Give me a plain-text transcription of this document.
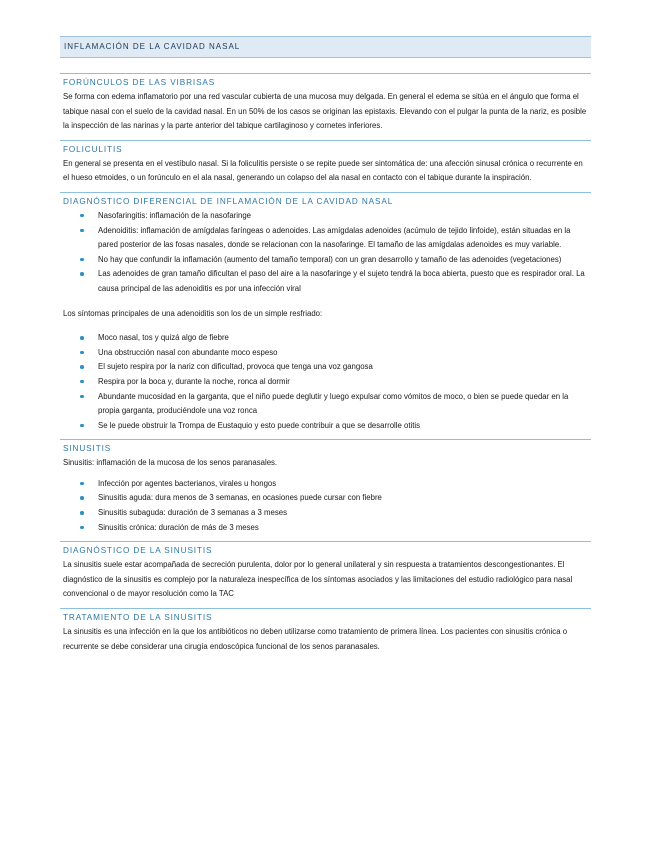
INFLAMACIÓN DE LA CAVIDAD NASAL
FORÚNCULOS DE LAS VIBRISAS

Se forma con edema inflamatorio por una red vascular cubierta de una mucosa muy delgada. En general el edema se sitúa en el ángulo que forma el tabique nasal con el suelo de la cavidad nasal. En un 50% de los casos se originan las epistaxis. Elevando con el pulgar la punta de la nariz, es posible la inspección de las narinas y la parte anterior del tabique cartilaginoso y cornetes inferiores.

FOLICULITIS

En general se presenta en el vestíbulo nasal. Si la foliculitis persiste o se repite puede ser sintomática de: una afección sinusal crónica o recurrente en el hueso etmoides, o un forúnculo en el ala nasal, generando un colapso del ala nasal en contacto con el tabique durante la inspiración.

DIAGNÓSTICO DIFERENCIAL DE INFLAMACIÓN DE LA CAVIDAD NASAL
Nasofaringitis: inflamación de la nasofaringe
Adenoiditis: inflamación de amígdalas faríngeas o adenoides. Las amígdalas adenoides (acúmulo de tejido linfoide), están situadas en la pared posterior de las fosas nasales, donde se relacionan con la nasofaringe. El tamaño de las amígdalas adenoides es muy variable.
No hay que confundir la inflamación (aumento del tamaño temporal) con un gran desarrollo y tamaño de las adenoides (vegetaciones)
Las adenoides de gran tamaño dificultan el paso del aire a la nasofaringe y el sujeto tendrá la boca abierta, puesto que es respirador oral. La causa principal de las adenoiditis es por una infección viral

Los síntomas principales de una adenoiditis son los de un simple resfriado:

Moco nasal, tos y quizá algo de fiebre
Una obstrucción nasal con abundante moco espeso
El sujeto respira por la nariz con dificultad, provoca que tenga una voz gangosa
Respira por la boca y, durante la noche, ronca al dormir
Abundante mucosidad en la garganta, que el niño puede deglutir y luego expulsar como vómitos de moco, o bien se puede quedar en la propia garganta, produciéndole una voz ronca
Se le puede obstruir la Trompa de Eustaquio y esto puede contribuir a que se desarrolle otitis
SINUSITIS

Sinusitis: inflamación de la mucosa de los senos paranasales.

Infección por agentes bacterianos, virales u hongos
Sinusitis aguda: dura menos de 3 semanas, en ocasiones puede cursar con fiebre
Sinusitis subaguda: duración de 3 semanas a 3 meses
Sinusitis crónica: duración de más de 3 meses
DIAGNÓSTICO DE LA SINUSITIS

La sinusitis suele estar acompañada de secreción purulenta, dolor por lo general unilateral y sin respuesta a tratamientos descongestionantes. El diagnóstico de la sinusitis es complejo por la naturaleza inespecífica de los síntomas asociados y las limitaciones del estudio radiológico para nasal convencional o de mayor resolución como la TAC

TRATAMIENTO DE LA SINUSITIS

La sinusitis es una infección en la que los antibióticos no deben utilizarse como tratamiento de primera línea. Los pacientes con sinusitis crónica o recurrente se debe considerar una cirugía endoscópica funcional de los senos paranasales.
